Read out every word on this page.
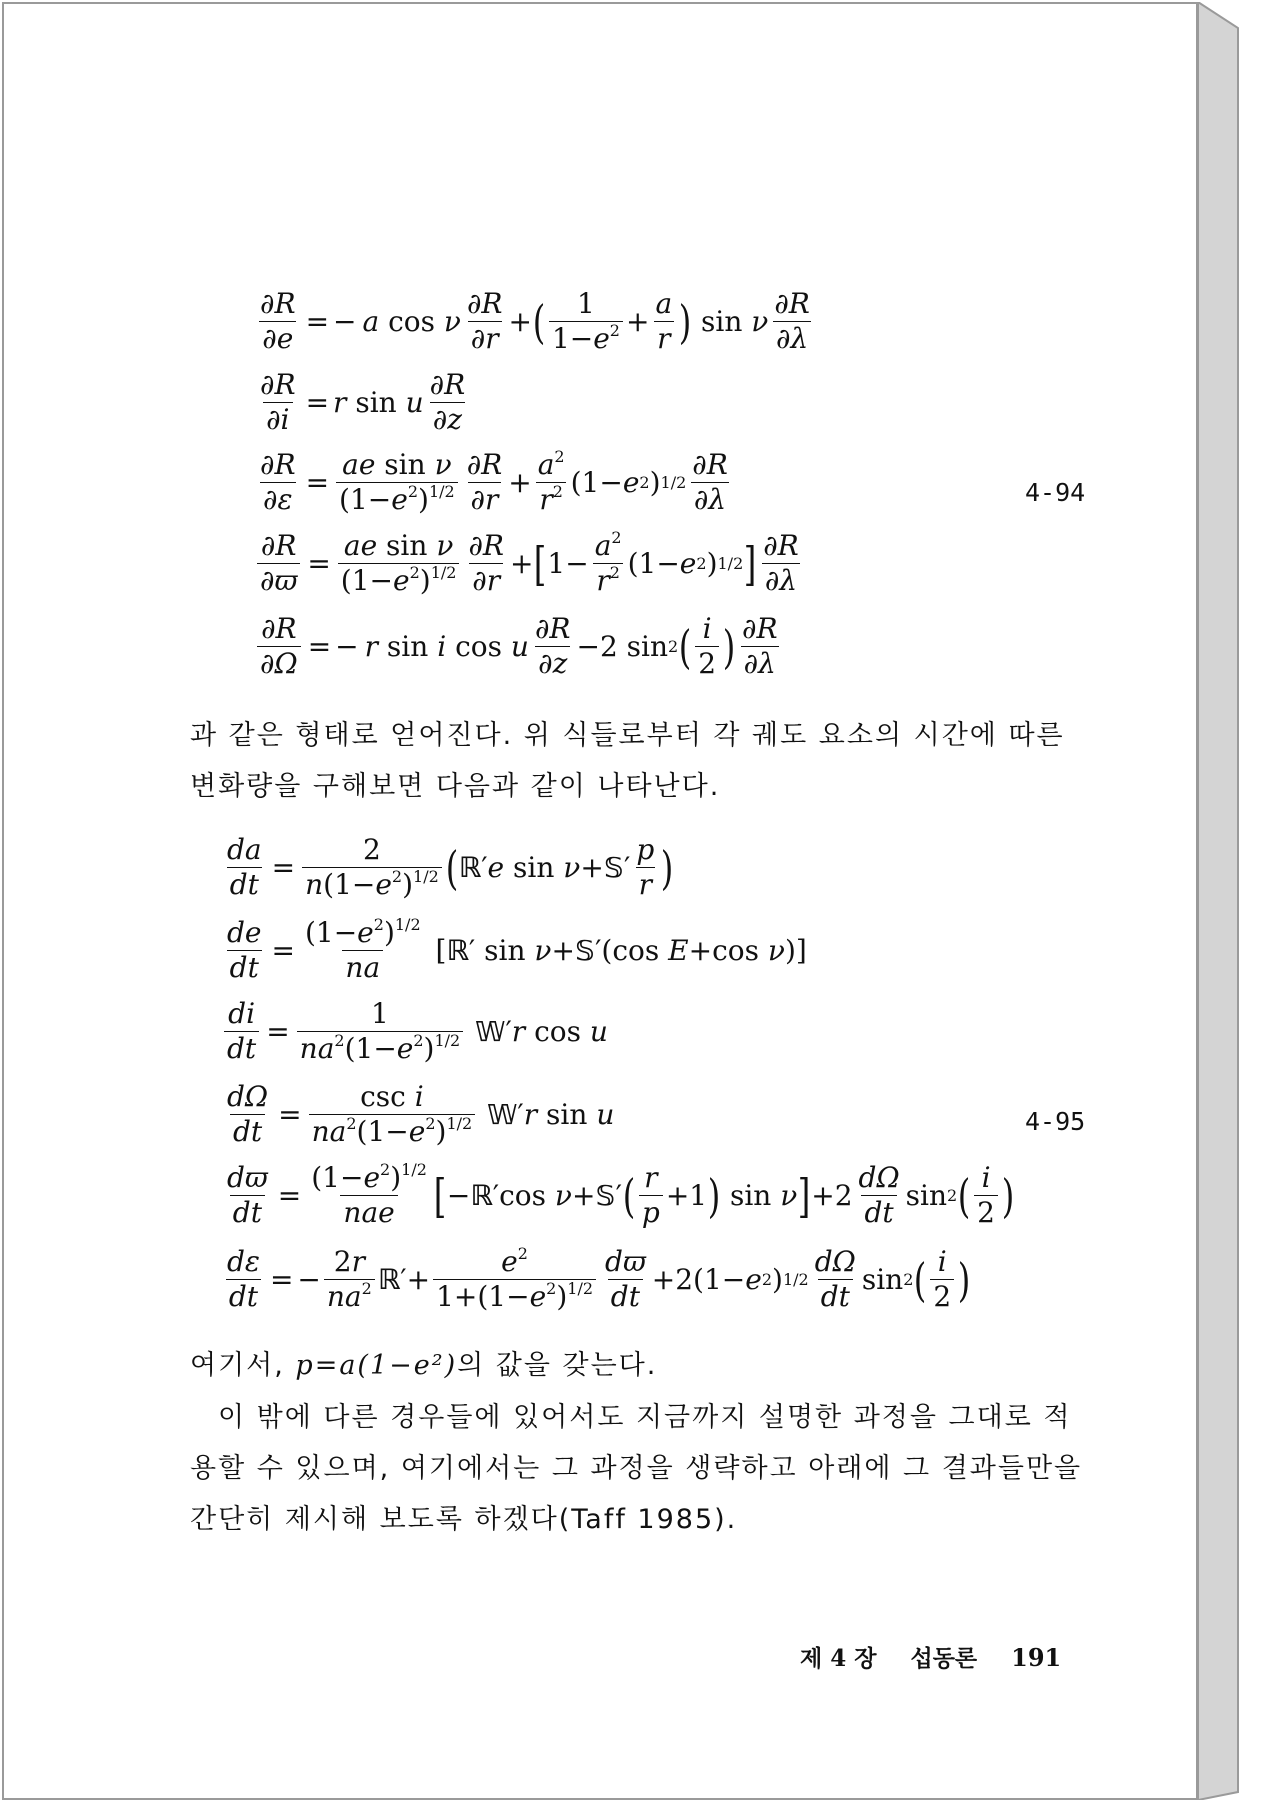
$\frac{\partial R}{\partial e}$ = − a cos ν $\frac{\partial R}{\partial r}$ + ( $\frac{1}{1-e^2} + \frac{a}{r}$ ) sin ν $\frac{\partial R}{\partial\lambda}$
$\frac{\partial R}{\partial i} = r$ sin u $\frac{\partial R}{\partial z}$
$\frac{\partial R}{\partial\varepsilon} = \frac{\text{ae sin ν}}{(1-e^2)^{1/2}} \frac{\partial R}{\partial r} + \frac{a^2}{r^2} (1- e$ 2 ) $1/2 \frac{\partial R}{\partial\lambda}$
$\frac{\partial R}{\partial ϖ} = \frac{\text{ae sin ν}}{(1-e^2)^{1/2}} \frac{\partial R}{\partial r}$ + [ $1- \frac{a^2}{r^2} (1- e$ 2 ) 1/2 ] $\frac{\partial R}{\partial\lambda}$
$\frac{\partial R}{\partial\Omega}$ = − r sin i cos u $\frac{\partial R}{\partial z} -2$ sin 2 ( $\frac{i}{2}$ ) $\frac{\partial R}{\partial\lambda}$
4-94

과 같은 형태로 얻어진다. 위 식들로부터 각 궤도 요소의 시간에 따른 변화량을 구해보면 다음과 같이 나타난다.

$\frac{da}{dt} = \frac{2}{n(1-e^2)^{1/2}}$ ( ℝ ′ e sin ν + 𝕊 ′ $\frac{p}{r}$ )
$\frac{de}{dt} = \frac{(1-e^2)^{1/2}}{na}$ [ ℝ ′ sin ν + 𝕊 ′(cos E +cos ν )]
$\frac{di}{dt} = \frac{1}{na^2(1-e^2)^{1/2}}$
𝕎 ′ r cos u
$\frac{d\Omega}{dt} = \frac{\text{csc i}}{na^2(1-e^2)^{1/2}}$
𝕎 ′ r sin u
$\frac{dϖ}{dt} = \frac{(1-e^2)^{1/2}}{\text{nae}}$ [ − ℝ ′cos ν + 𝕊 ′ ( $\frac{r}{p} +1$ ) sin ν ] $+2 \frac{d\Omega}{dt}$ sin 2 ( $\frac{i}{2}$ )
$\frac{d\varepsilon}{dt}$ = − $\frac{2r}{na^2}$ ℝ ′+ $\frac{e^2}{1+(1-e^2)^{1/2}} \frac{dϖ}{dt} +2(1- e$ 2 ) $1/2 \frac{d\Omega}{dt}$ sin 2 ( $\frac{i}{2}$ )
4-95

여기서, p=a(1−e²)의 값을 갖는다.

이 밖에 다른 경우들에 있어서도 지금까지 설명한 과정을 그대로 적용할 수 있으며, 여기에서는 그 과정을 생략하고 아래에 그 결과들만을 간단히 제시해 보도록 하겠다(Taff 1985).

제 4 장 섭동론 191
